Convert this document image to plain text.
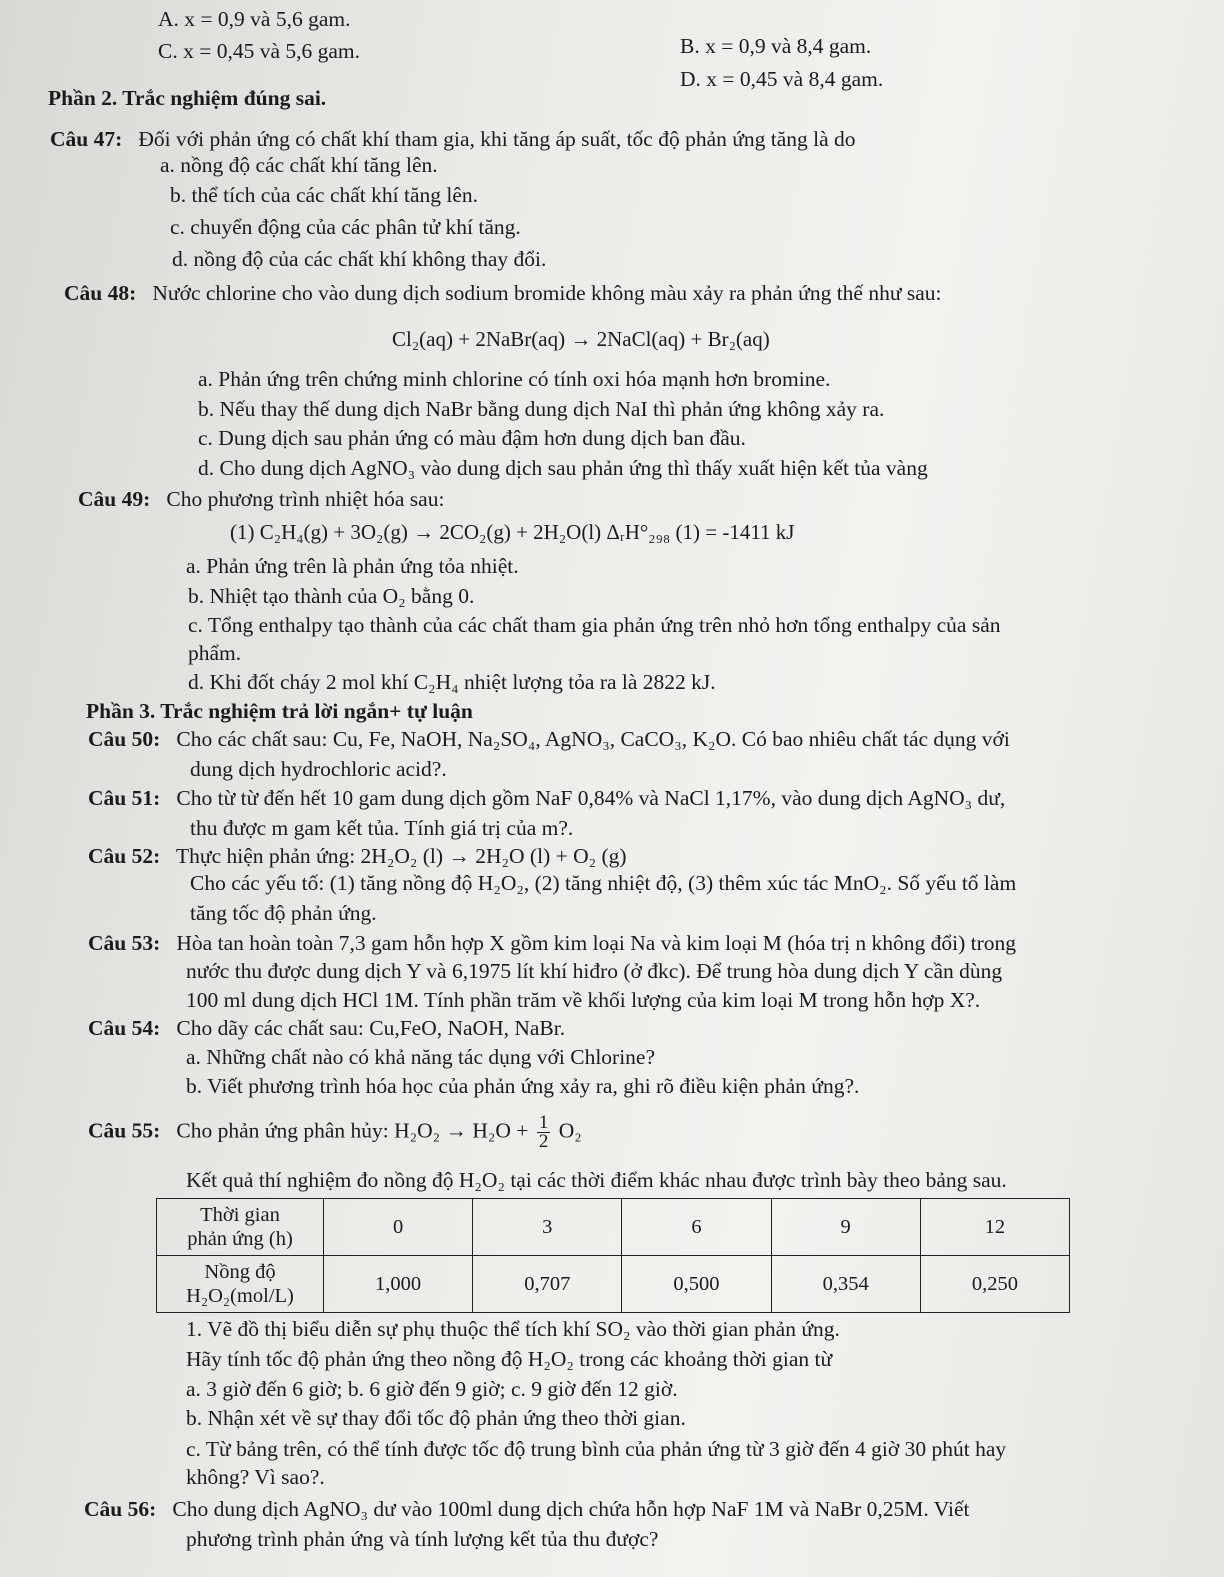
A. x = 0,9 và 5,6 gam.
B. x = 0,9 và 8,4 gam.
C. x = 0,45 và 5,6 gam.
D. x = 0,45 và 8,4 gam.
Phần 2. Trắc nghiệm đúng sai.
Câu 47: Đối với phản ứng có chất khí tham gia, khi tăng áp suất, tốc độ phản ứng tăng là do
a. nồng độ các chất khí tăng lên.
b. thể tích của các chất khí tăng lên.
c. chuyển động của các phân tử khí tăng.
d. nồng độ của các chất khí không thay đổi.
Câu 48: Nước chlorine cho vào dung dịch sodium bromide không màu xảy ra phản ứng thế như sau:
Cl₂(aq) + 2NaBr(aq) → 2NaCl(aq) + Br₂(aq)
a. Phản ứng trên chứng minh chlorine có tính oxi hóa mạnh hơn bromine.
b. Nếu thay thế dung dịch NaBr bằng dung dịch NaI thì phản ứng không xảy ra.
c. Dung dịch sau phản ứng có màu đậm hơn dung dịch ban đầu.
d. Cho dung dịch AgNO₃ vào dung dịch sau phản ứng thì thấy xuất hiện kết tủa vàng
Câu 49: Cho phương trình nhiệt hóa sau:
(1) C₂H₄(g) + 3O₂(g) → 2CO₂(g) + 2H₂O(l) ΔᵣH°₂₉₈ (1) = -1411 kJ
a. Phản ứng trên là phản ứng tỏa nhiệt.
b. Nhiệt tạo thành của O₂ bằng 0.
c. Tổng enthalpy tạo thành của các chất tham gia phản ứng trên nhỏ hơn tổng enthalpy của sản
phẩm.
d. Khi đốt cháy 2 mol khí C₂H₄ nhiệt lượng tỏa ra là 2822 kJ.
Phần 3. Trắc nghiệm trả lời ngắn+ tự luận
Câu 50: Cho các chất sau: Cu, Fe, NaOH, Na₂SO₄, AgNO₃, CaCO₃, K₂O. Có bao nhiêu chất tác dụng với
dung dịch hydrochloric acid?.
Câu 51: Cho từ từ đến hết 10 gam dung dịch gồm NaF 0,84% và NaCl 1,17%, vào dung dịch AgNO₃ dư,
thu được m gam kết tủa. Tính giá trị của m?.
Câu 52: Thực hiện phản ứng: 2H₂O₂ (l) → 2H₂O (l) + O₂ (g)
Cho các yếu tố: (1) tăng nồng độ H₂O₂, (2) tăng nhiệt độ, (3) thêm xúc tác MnO₂. Số yếu tố làm
tăng tốc độ phản ứng.
Câu 53: Hòa tan hoàn toàn 7,3 gam hỗn hợp X gồm kim loại Na và kim loại M (hóa trị n không đổi) trong
nước thu được dung dịch Y và 6,1975 lít khí hiđro (ở đkc). Để trung hòa dung dịch Y cần dùng
100 ml dung dịch HCl 1M. Tính phần trăm về khối lượng của kim loại M trong hỗn hợp X?.
Câu 54: Cho dãy các chất sau: Cu,FeO, NaOH, NaBr.
a. Những chất nào có khả năng tác dụng với Chlorine?
b. Viết phương trình hóa học của phản ứng xảy ra, ghi rõ điều kiện phản ứng?.
Câu 55: Cho phản ứng phân hủy: $H_2O_2 \to H_2O + \frac{1}{2} O_2$
Kết quả thí nghiệm đo nồng độ H₂O₂ tại các thời điểm khác nhau được trình bày theo bảng sau.
Thời gian
phản ứng (h)	0	3	6	9	12

Nồng độ
H₂O₂(mol/L)	1,000	0,707	0,500	0,354	0,250
1. Vẽ đồ thị biểu diễn sự phụ thuộc thể tích khí SO₂ vào thời gian phản ứng.
Hãy tính tốc độ phản ứng theo nồng độ H₂O₂ trong các khoảng thời gian từ
a. 3 giờ đến 6 giờ; b. 6 giờ đến 9 giờ; c. 9 giờ đến 12 giờ.
b. Nhận xét về sự thay đổi tốc độ phản ứng theo thời gian.
c. Từ bảng trên, có thể tính được tốc độ trung bình của phản ứng từ 3 giờ đến 4 giờ 30 phút hay
không? Vì sao?.
Câu 56: Cho dung dịch AgNO₃ dư vào 100ml dung dịch chứa hỗn hợp NaF 1M và NaBr 0,25M. Viết
phương trình phản ứng và tính lượng kết tủa thu được?
